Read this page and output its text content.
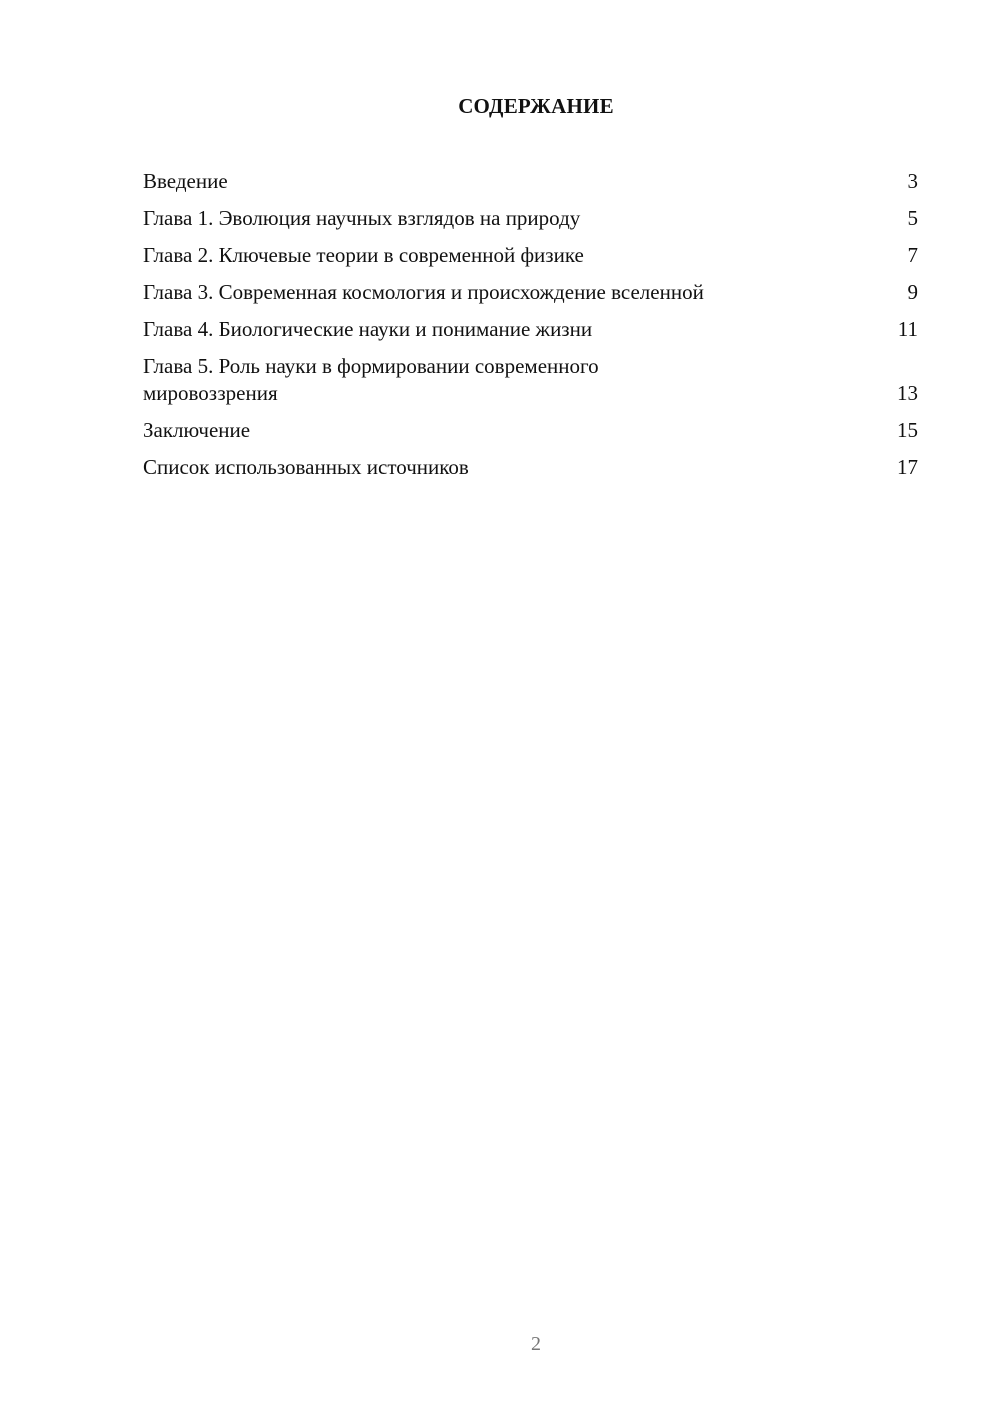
СОДЕРЖАНИЕ
Введение	3
Глава 1. Эволюция научных взглядов на природу	5
Глава 2. Ключевые теории в современной физике	7
Глава 3. Современная космология и происхождение вселенной	9
Глава 4. Биологические науки и понимание жизни	11
Глава 5. Роль науки в формировании современного мировоззрения	13
Заключение	15
Список использованных источников	17
2
